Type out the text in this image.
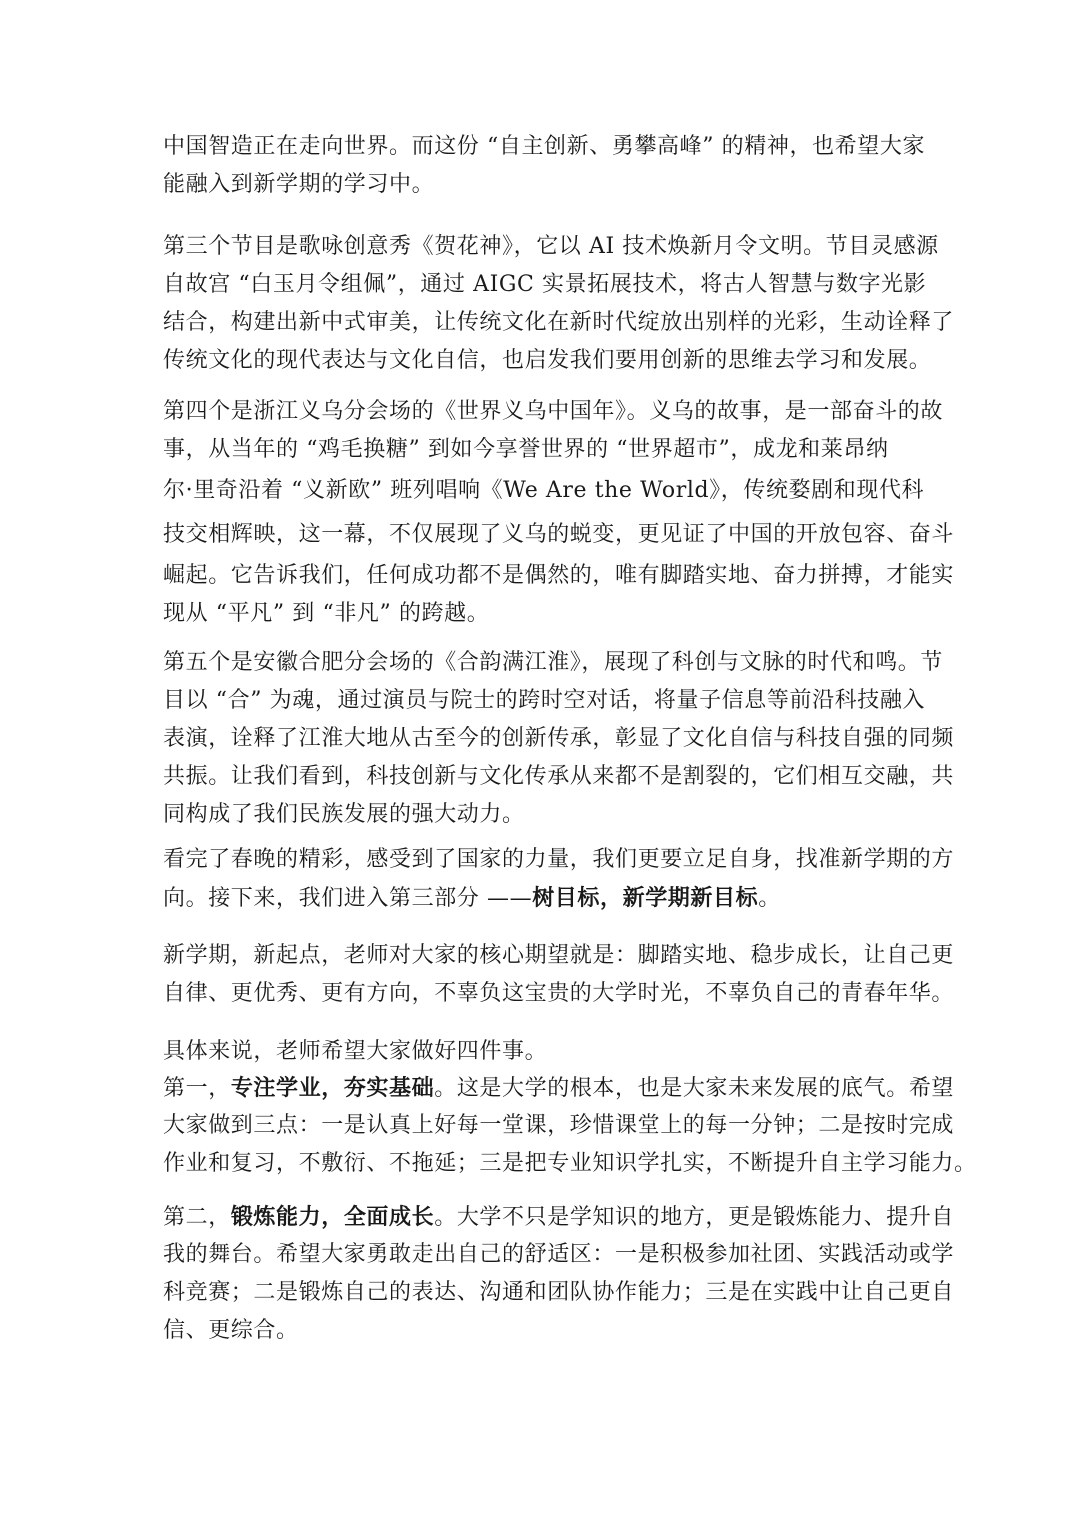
中国智造正在走向世界。而这份 “自主创新、勇攀高峰” 的精神，也希望大家
能融入到新学期的学习中。
第三个节目是歌咏创意秀《贺花神》，它以 AI 技术焕新月令文明。节目灵感源
自故宫 “白玉月令组佩”，通过 AIGC 实景拓展技术，将古人智慧与数字光影
结合，构建出新中式审美，让传统文化在新时代绽放出别样的光彩，生动诠释了
传统文化的现代表达与文化自信，也启发我们要用创新的思维去学习和发展。
第四个是浙江义乌分会场的《世界义乌中国年》。义乌的故事，是一部奋斗的故
事，从当年的 “鸡毛换糖” 到如今享誉世界的 “世界超市”，成龙和莱昂纳
尔·里奇沿着 “义新欧” 班列唱响《We Are the World》，传统婺剧和现代科
技交相辉映，这一幕，不仅展现了义乌的蜕变，更见证了中国的开放包容、奋斗
崛起。它告诉我们，任何成功都不是偶然的，唯有脚踏实地、奋力拼搏，才能实
现从 “平凡” 到 “非凡” 的跨越。
第五个是安徽合肥分会场的《合韵满江淮》，展现了科创与文脉的时代和鸣。节
目以 “合” 为魂，通过演员与院士的跨时空对话，将量子信息等前沿科技融入
表演，诠释了江淮大地从古至今的创新传承，彰显了文化自信与科技自强的同频
共振。让我们看到，科技创新与文化传承从来都不是割裂的，它们相互交融，共
同构成了我们民族发展的强大动力。
看完了春晚的精彩，感受到了国家的力量，我们更要立足自身，找准新学期的方
向。接下来，我们进入第三部分 ——树目标，新学期新目标。
新学期，新起点，老师对大家的核心期望就是：脚踏实地、稳步成长，让自己更
自律、更优秀、更有方向，不辜负这宝贵的大学时光，不辜负自己的青春年华。
具体来说，老师希望大家做好四件事。
第一，专注学业，夯实基础。这是大学的根本，也是大家未来发展的底气。希望
大家做到三点：一是认真上好每一堂课，珍惜课堂上的每一分钟；二是按时完成
作业和复习，不敷衍、不拖延；三是把专业知识学扎实，不断提升自主学习能力。
第二，锻炼能力，全面成长。大学不只是学知识的地方，更是锻炼能力、提升自
我的舞台。希望大家勇敢走出自己的舒适区：一是积极参加社团、实践活动或学
科竞赛；二是锻炼自己的表达、沟通和团队协作能力；三是在实践中让自己更自
信、更综合。
